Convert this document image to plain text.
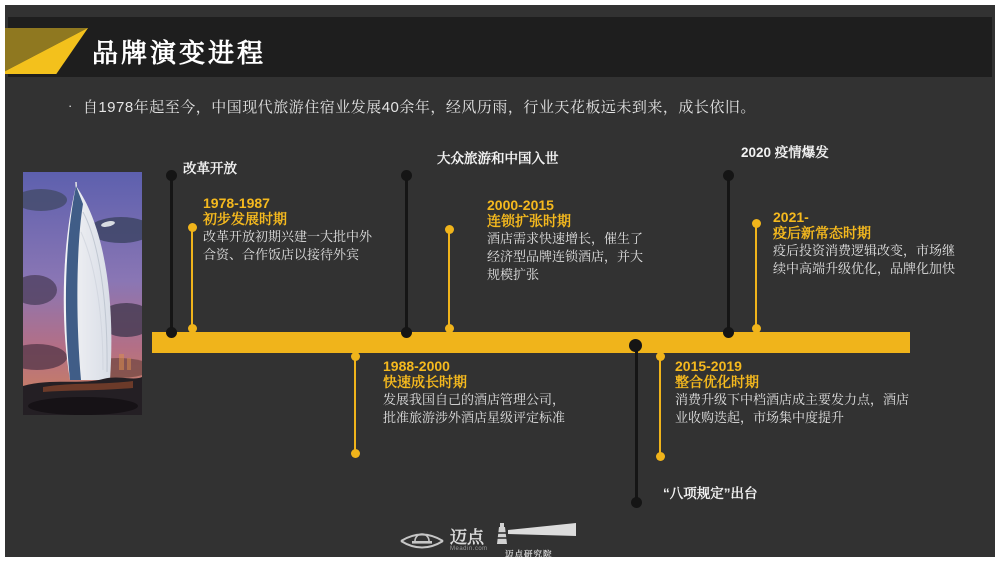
品牌演变进程
· 自1978年起至今，中国现代旅游住宿业发展40余年，经风历雨，行业天花板远未到来，成长依旧。
改革开放
大众旅游和中国入世	2020 疫情爆发
“八项规定”出台
1978-1987
初步发展时期
改革开放初期兴建一大批中外合资、合作饭店以接待外宾
2000-2015
连锁扩张时期
酒店需求快速增长，催生了经济型品牌连锁酒店，并大规模扩张
2021-
疫后新常态时期
疫后投资消费逻辑改变，市场继续中高端升级优化，品牌化加快
1988-2000
快速成长时期
发展我国自己的酒店管理公司，批准旅游涉外酒店星级评定标准
2015-2019
整合优化时期
消费升级下中档酒店成主要发力点，酒店业收购迭起，市场集中度提升
迈点
Meadin.com 迈点研究院
